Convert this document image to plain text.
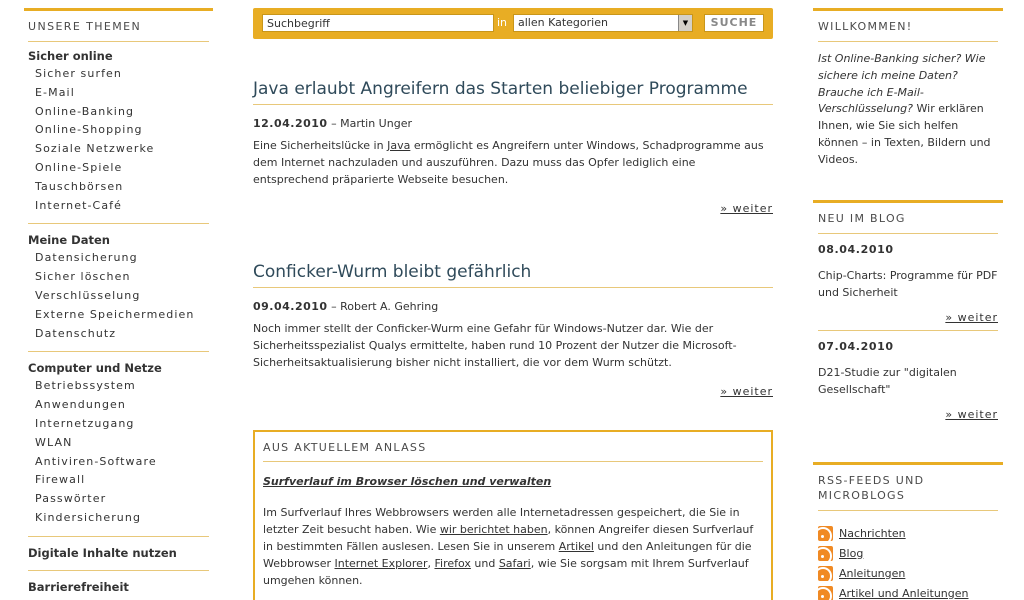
UNSERE THEMEN
Sicher online
Sicher surfen
E-Mail
Online-Banking
Online-Shopping
Soziale Netzwerke
Online-Spiele
Tauschbörsen
Internet-Café
Meine Daten
Datensicherung
Sicher löschen
Verschlüsselung
Externe Speichermedien
Datenschutz
Computer und Netze
Betriebssystem
Anwendungen
Internetzugang
WLAN
Antiviren-Software
Firewall
Passwörter
Kindersicherung
Digitale Inhalte nutzen
Barrierefreiheit
Suchbegriff
in allen Kategorien	▼	SUCHE
Java erlaubt Angreifern das Starten beliebiger Programme
12.04.2010 – Martin Unger

Eine Sicherheitslücke in Java ermöglicht es Angreifern unter Windows, Schadprogramme aus dem Internet nachzuladen und auszuführen. Dazu muss das Opfer lediglich eine entsprechend präparierte Webseite besuchen.

» weiter
Conficker-Wurm bleibt gefährlich
09.04.2010 – Robert A. Gehring

Noch immer stellt der Conficker-Wurm eine Gefahr für Windows-Nutzer dar. Wie der Sicherheitsspezialist Qualys ermittelte, haben rund 10 Prozent der Nutzer die Microsoft-Sicherheitsaktualisierung bisher nicht installiert, die vor dem Wurm schützt.

» weiter
AUS AKTUELLEM ANLASS
Surfverlauf im Browser löschen und verwalten

Im Surfverlauf Ihres Webbrowsers werden alle Internetadressen gespeichert, die Sie in letzter Zeit besucht haben. Wie wir berichtet haben, können Angreifer diesen Surfverlauf in bestimmten Fällen auslesen. Lesen Sie in unserem Artikel und den Anleitungen für die Webbrowser Internet Explorer, Firefox und Safari, wie Sie sorgsam mit Ihrem Surfverlauf umgehen können.

WILLKOMMEN!

Ist Online-Banking sicher? Wie sichere ich meine Daten? Brauche ich E-Mail-Verschlüsselung? Wir erklären Ihnen, wie Sie sich helfen können – in Texten, Bildern und Videos.

NEU IM BLOG
08.04.2010
Chip-Charts: Programme für PDF und Sicherheit
» weiter
07.04.2010
D21-Studie zur "digitalen Gesellschaft"
» weiter
RSS-FEEDS UND MICROBLOGS
Nachrichten
Blog
Anleitungen
Artikel und Anleitungen
